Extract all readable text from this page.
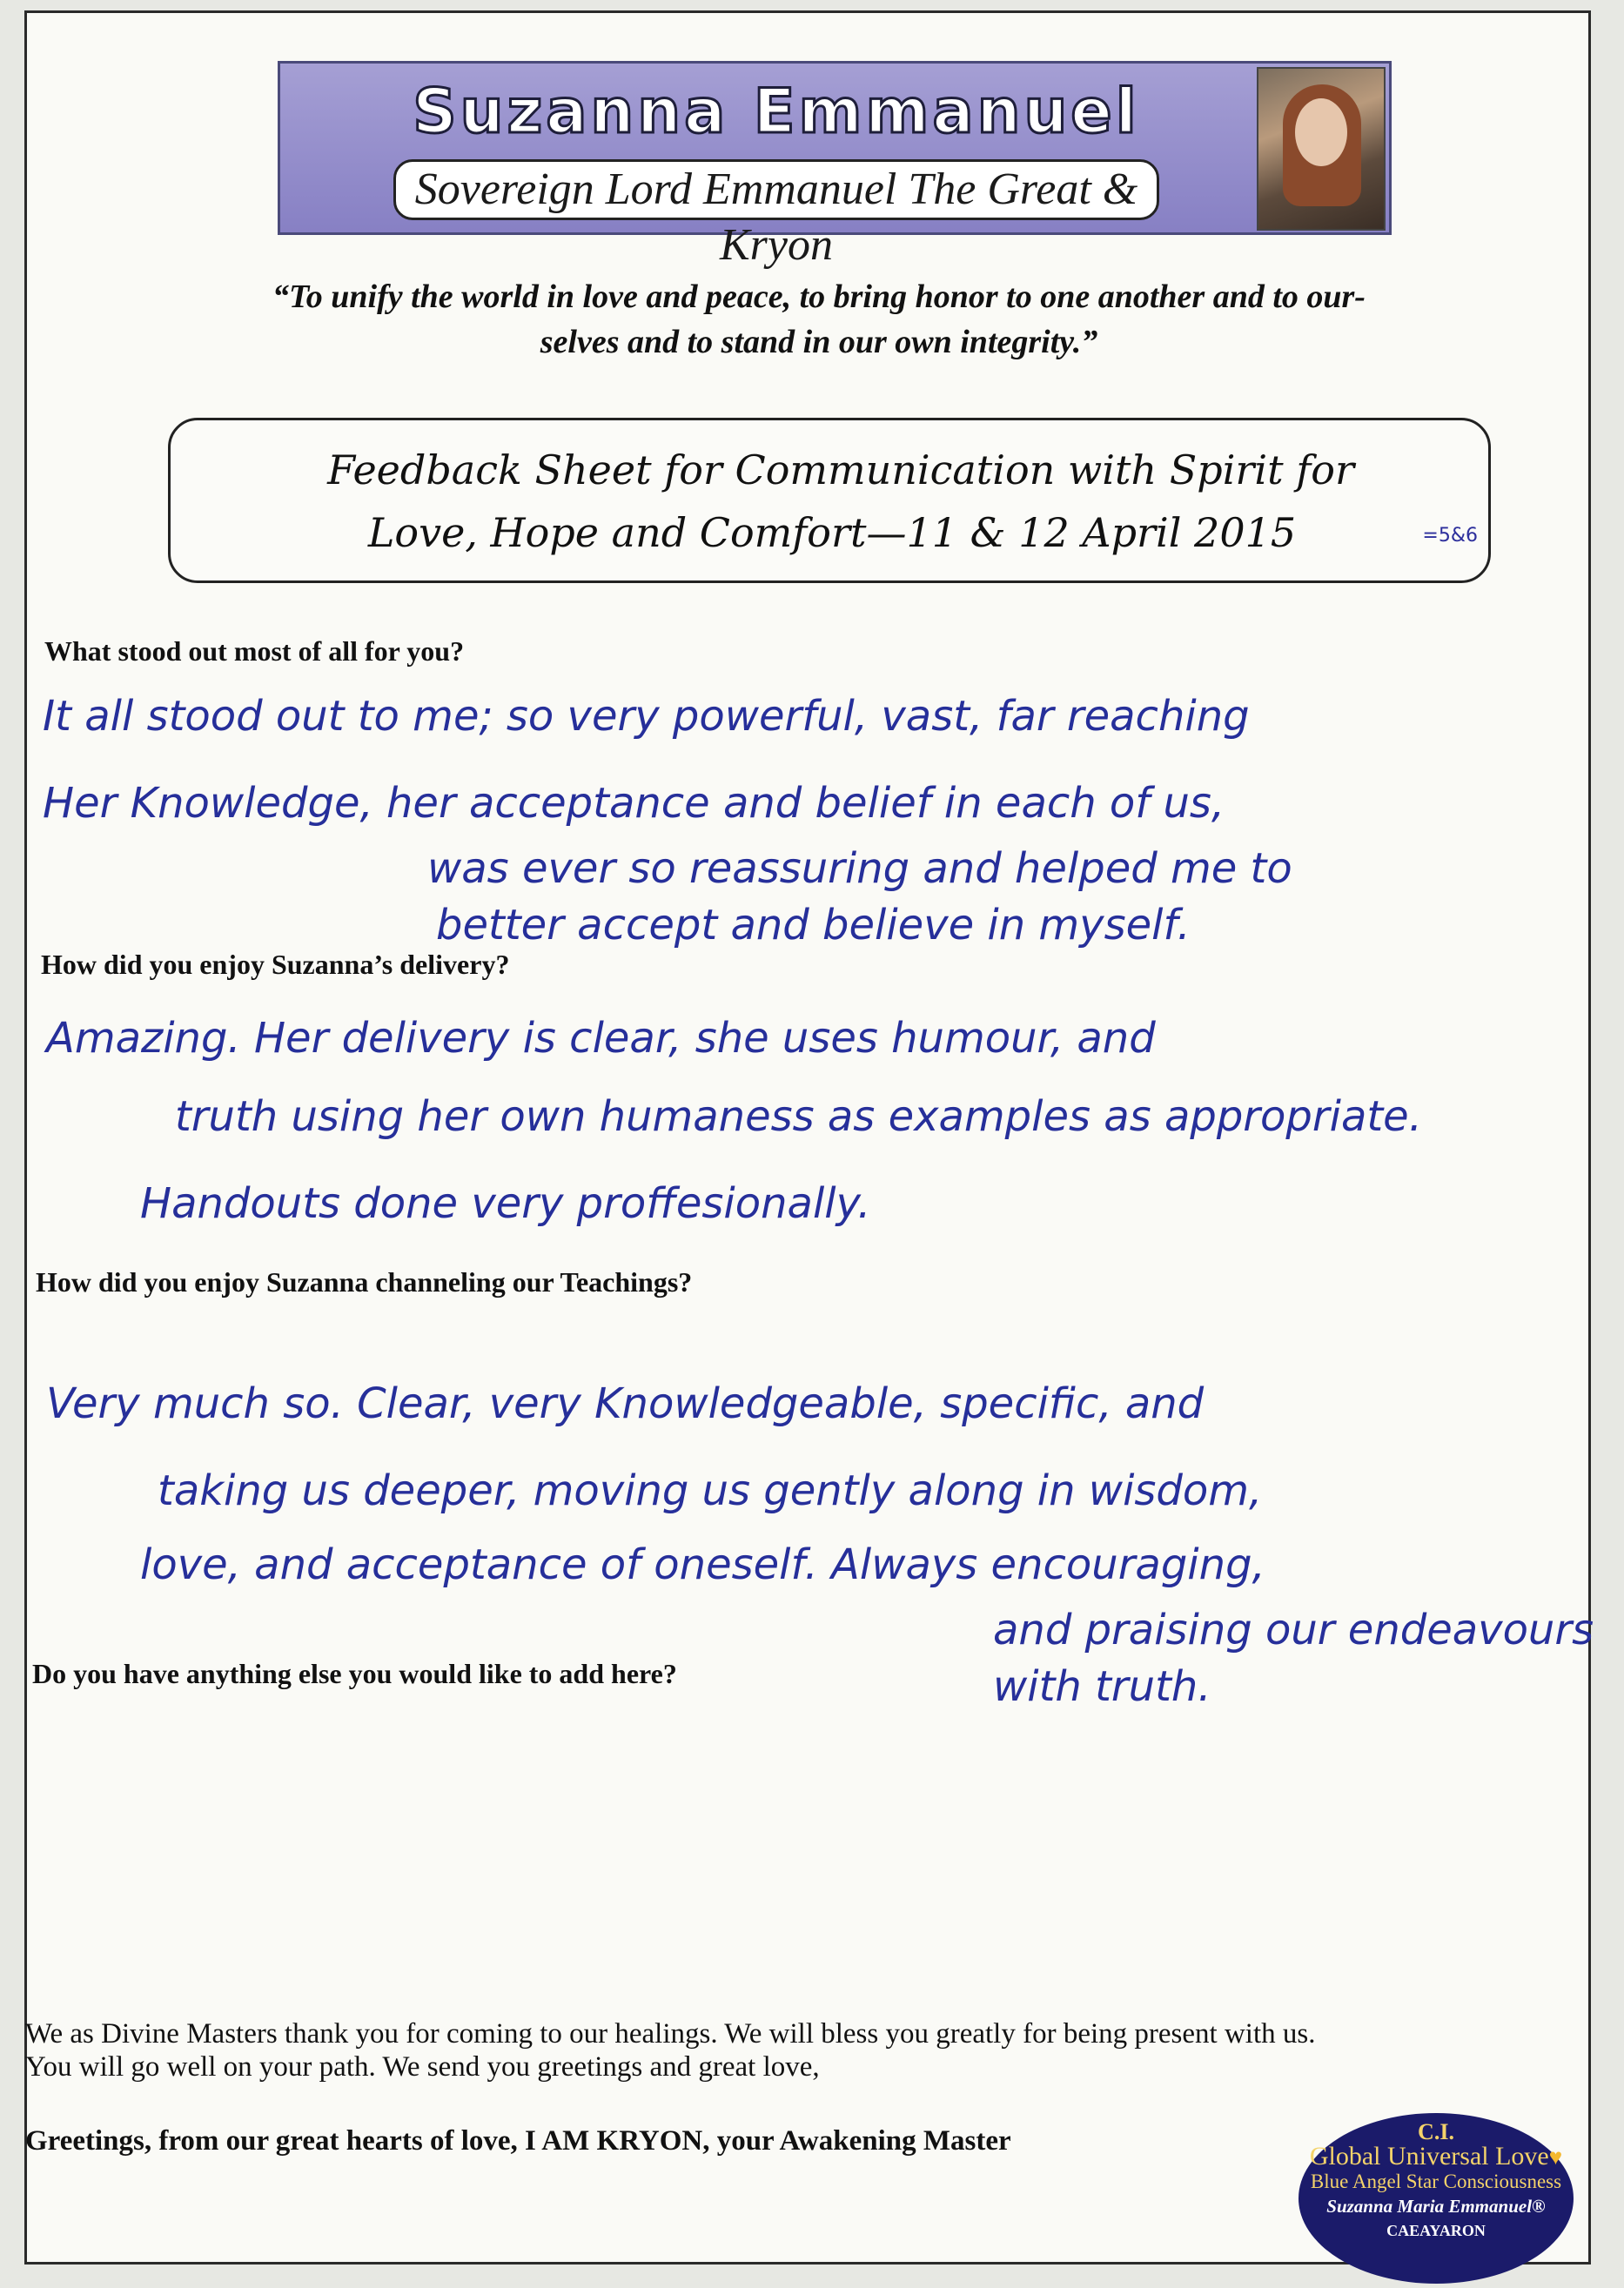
Suzanna Emmanuel
Sovereign Lord Emmanuel The Great & Kryon
“To unify the world in love and peace, to bring honor to one another and to our-
selves and to stand in our own integrity.”
Feedback Sheet for Communication with Spirit for
Love, Hope and Comfort—11 & 12 April 2015	=5&6
What stood out most of all for you?
It all stood out to me; so very powerful, vast, far reaching
Her Knowledge, her acceptance and belief in each of us,
was ever so reassuring and helped me to
better accept and believe in myself.
How did you enjoy Suzanna’s delivery?
Amazing. Her delivery is clear, she uses humour, and
truth using her own humaness as examples as appropriate.
Handouts done very proffesionally.
How did you enjoy Suzanna channeling our Teachings?
Very much so. Clear, very Knowledgeable, specific, and
taking us deeper, moving us gently along in wisdom,
love, and acceptance of oneself. Always encouraging,
and praising our endeavours
with truth.
Do you have anything else you would like to add here?
We as Divine Masters thank you for coming to our healings. We will bless you greatly for being present with us.
You will go well on your path. We send you greetings and great love,
Greetings, from our great hearts of love, I AM KRYON, your Awakening Master	C.I.
Global Universal Love♥
Blue Angel Star Consciousness
Suzanna Maria Emmanuel®
CAEAYARON
